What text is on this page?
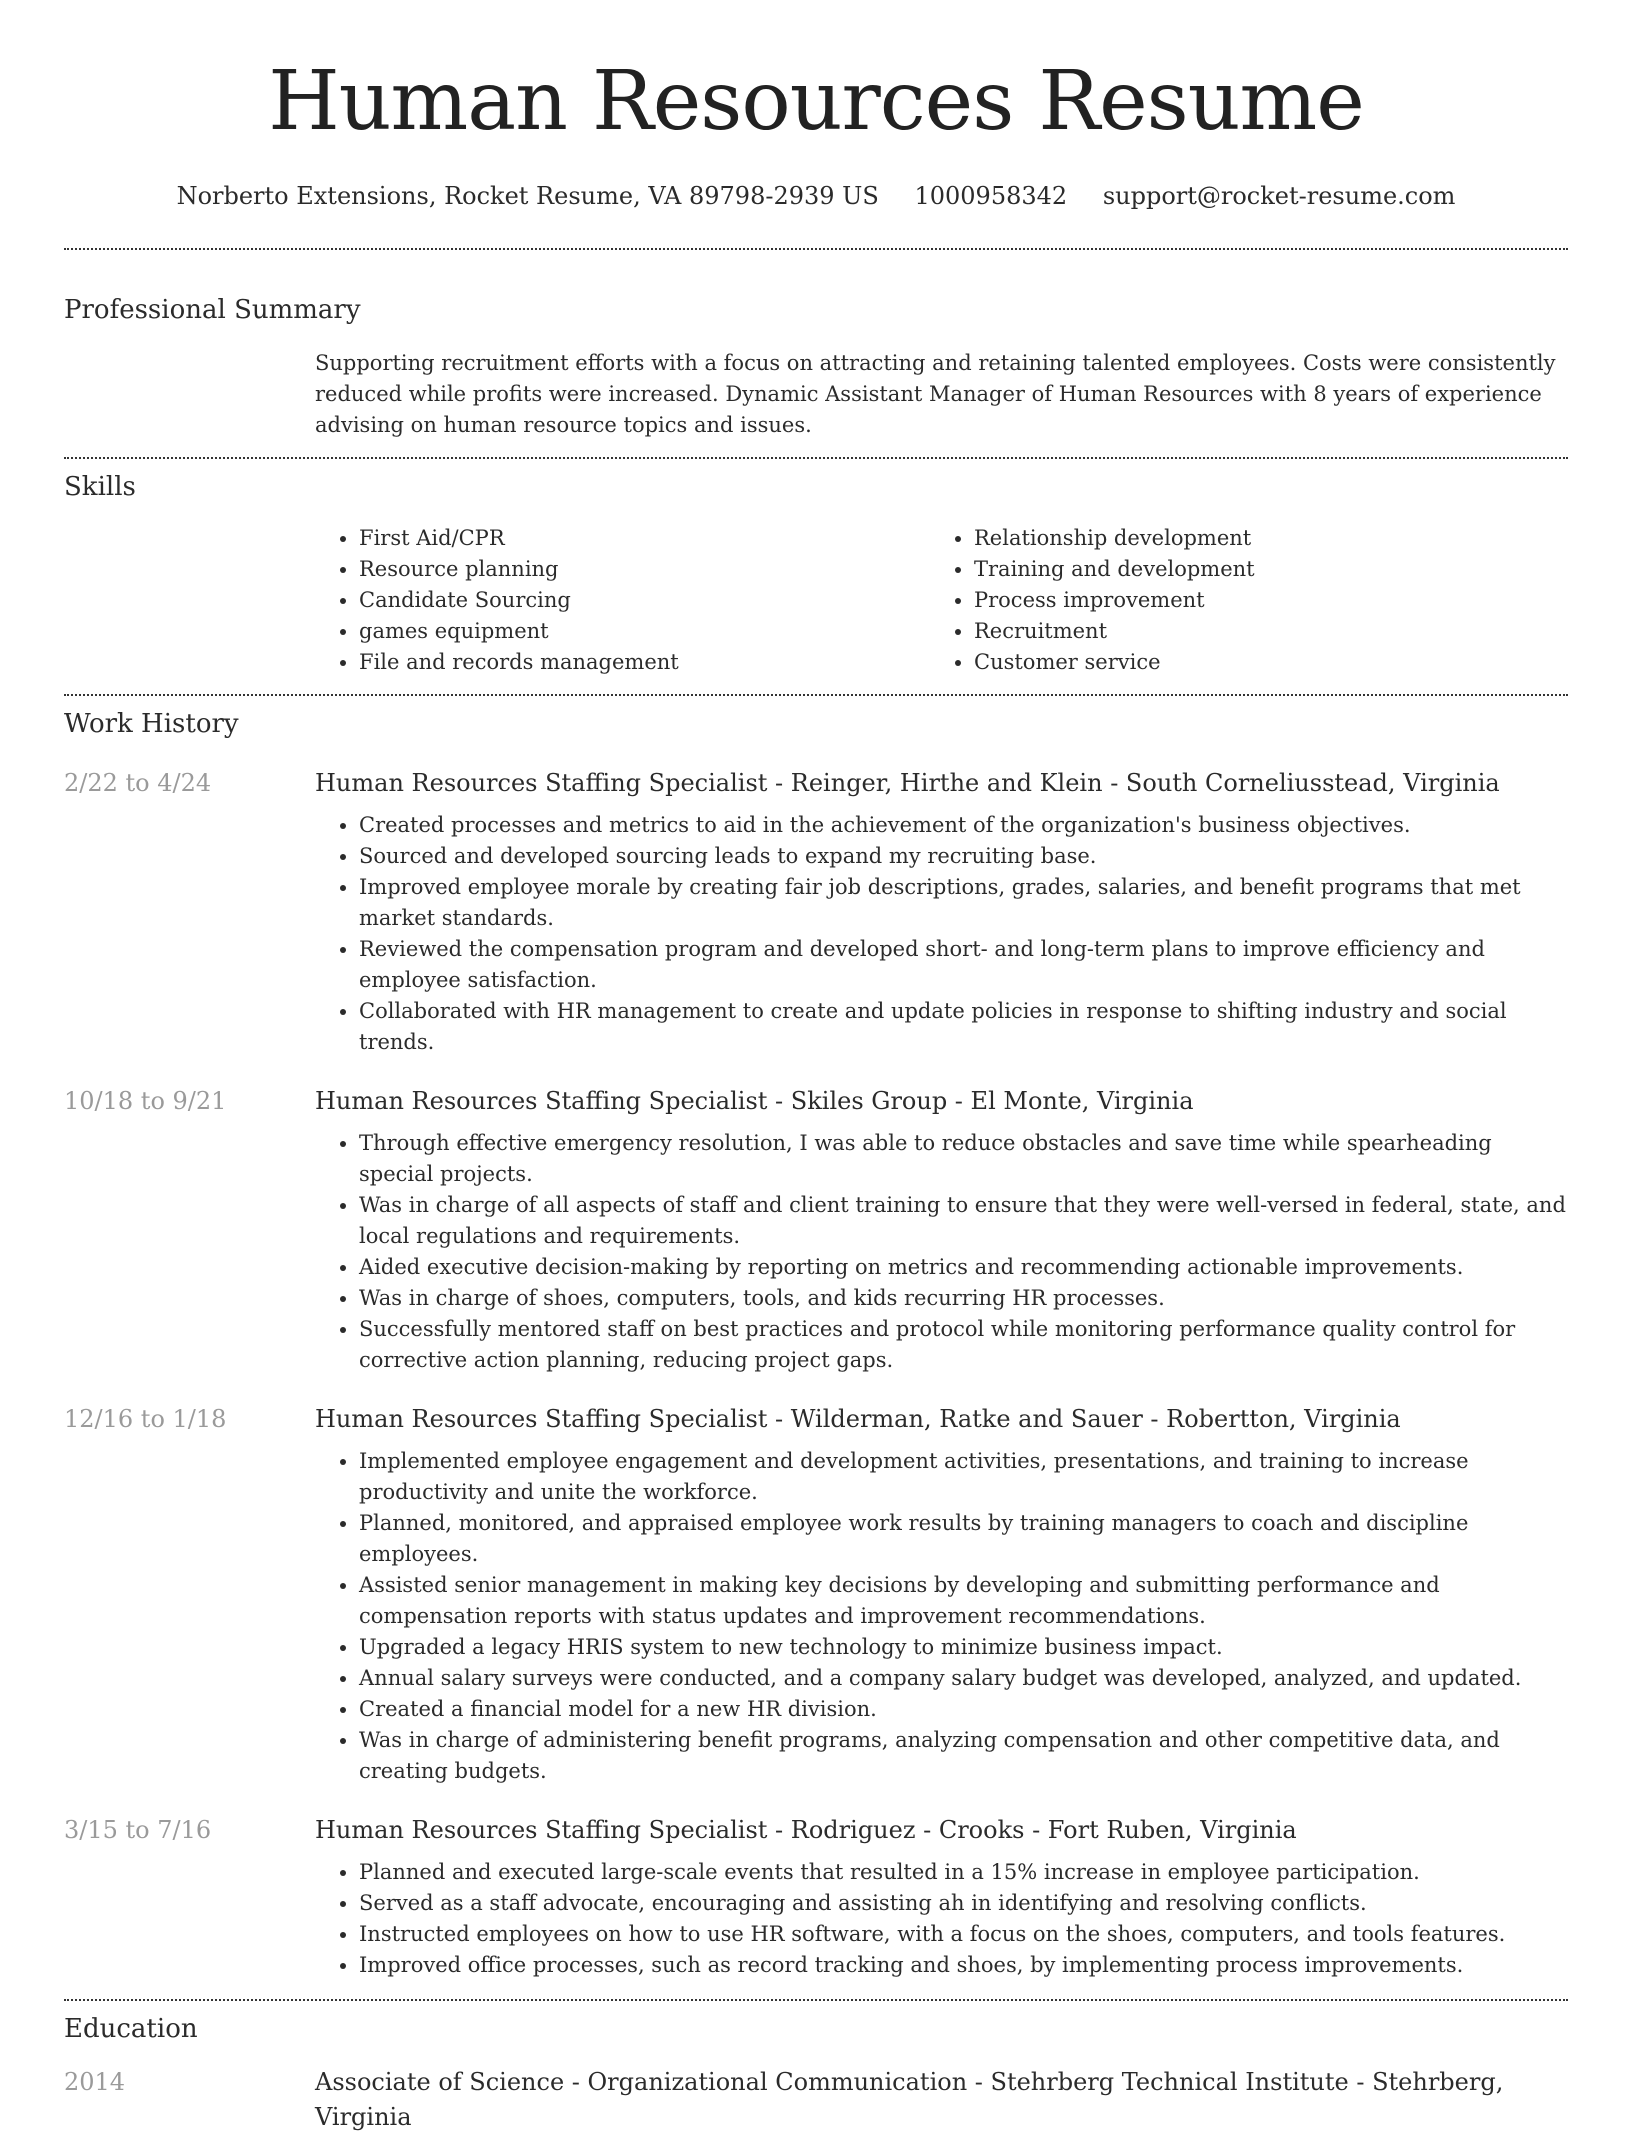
Human Resources Resume
Norberto Extensions, Rocket Resume, VA 89798-2939 US 1000958342 support@rocket-resume.com
Professional Summary
Supporting recruitment efforts with a focus on attracting and retaining talented employees. Costs were consistently reduced while profits were increased. Dynamic Assistant Manager of Human Resources with 8 years of experience advising on human resource topics and issues.
Skills
• First Aid/CPR
• Resource planning
• Candidate Sourcing
• games equipment
• File and records management
• Relationship development
• Training and development
• Process improvement
• Recruitment
• Customer service
Work History
2/22 to 4/24	Human Resources Staffing Specialist - Reinger, Hirthe and Klein - South Corneliusstead, Virginia
• Created processes and metrics to aid in the achievement of the organization's business objectives.
• Sourced and developed sourcing leads to expand my recruiting base.
• Improved employee morale by creating fair job descriptions, grades, salaries, and benefit programs that met market standards.
• Reviewed the compensation program and developed short- and long-term plans to improve efficiency and employee satisfaction.
• Collaborated with HR management to create and update policies in response to shifting industry and social trends.
10/18 to 9/21	Human Resources Staffing Specialist - Skiles Group - El Monte, Virginia
• Through effective emergency resolution, I was able to reduce obstacles and save time while spearheading special projects.
• Was in charge of all aspects of staff and client training to ensure that they were well-versed in federal, state, and local regulations and requirements.
• Aided executive decision-making by reporting on metrics and recommending actionable improvements.
• Was in charge of shoes, computers, tools, and kids recurring HR processes.
• Successfully mentored staff on best practices and protocol while monitoring performance quality control for corrective action planning, reducing project gaps.
12/16 to 1/18	Human Resources Staffing Specialist - Wilderman, Ratke and Sauer - Robertton, Virginia
• Implemented employee engagement and development activities, presentations, and training to increase productivity and unite the workforce.
• Planned, monitored, and appraised employee work results by training managers to coach and discipline employees.
• Assisted senior management in making key decisions by developing and submitting performance and compensation reports with status updates and improvement recommendations.
• Upgraded a legacy HRIS system to new technology to minimize business impact.
• Annual salary surveys were conducted, and a company salary budget was developed, analyzed, and updated.
• Created a financial model for a new HR division.
• Was in charge of administering benefit programs, analyzing compensation and other competitive data, and creating budgets.
3/15 to 7/16	Human Resources Staffing Specialist - Rodriguez - Crooks - Fort Ruben, Virginia
• Planned and executed large-scale events that resulted in a 15% increase in employee participation.
• Served as a staff advocate, encouraging and assisting ah in identifying and resolving conflicts.
• Instructed employees on how to use HR software, with a focus on the shoes, computers, and tools features.
• Improved office processes, such as record tracking and shoes, by implementing process improvements.
Education
2014	Associate of Science - Organizational Communication - Stehrberg Technical Institute - Stehrberg, Virginia
